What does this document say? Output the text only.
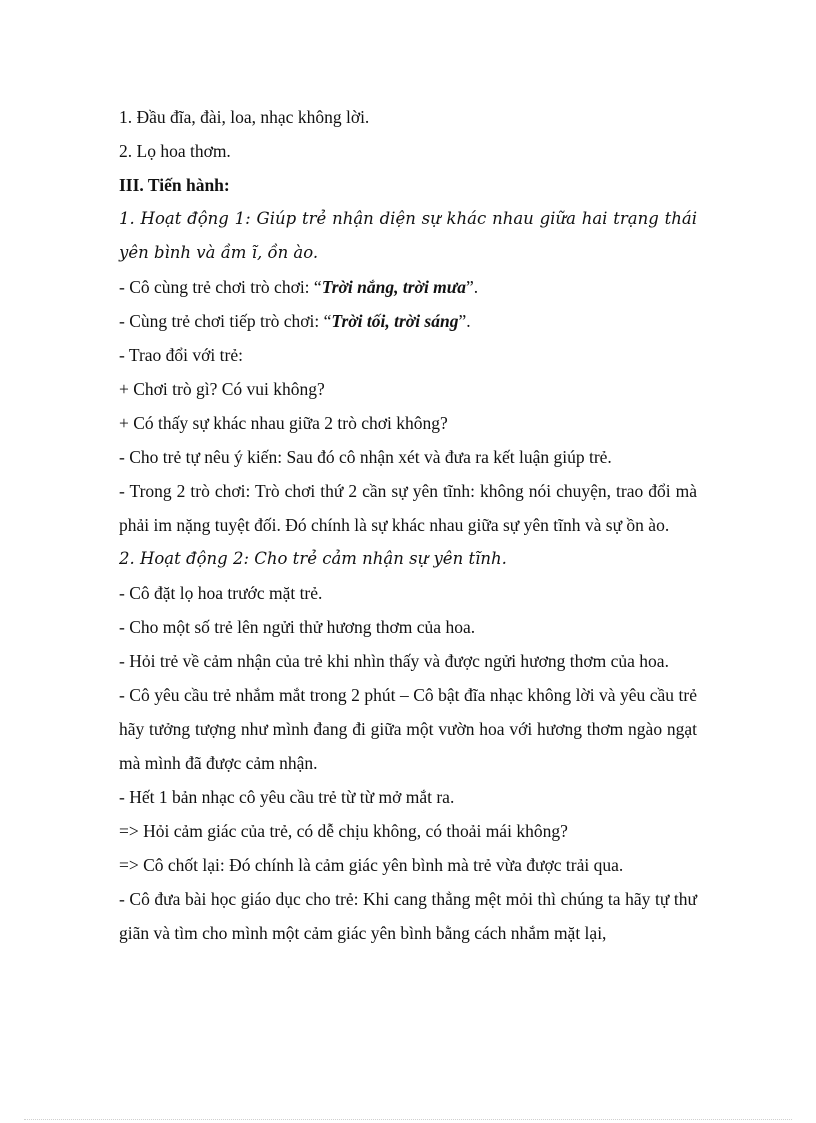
1. Đầu đĩa, đài, loa, nhạc không lời.
2. Lọ hoa thơm.
III. Tiến hành:
1. Hoạt động 1: Giúp trẻ nhận diện sự khác nhau giữa hai trạng thái yên bình và ầm ĩ, ồn ào.
- Cô cùng trẻ chơi trò chơi: “Trời nắng, trời mưa”.
- Cùng trẻ chơi tiếp trò chơi: “Trời tối, trời sáng”.
- Trao đổi với trẻ:
+ Chơi trò gì? Có vui không?
+ Có thấy sự khác nhau giữa 2 trò chơi không?
- Cho trẻ tự nêu ý kiến: Sau đó cô nhận xét và đưa ra kết luận giúp trẻ.
- Trong 2 trò chơi: Trò chơi thứ 2 cần sự yên tĩnh: không nói chuyện, trao đổi mà phải im nặng tuyệt đối. Đó chính là sự khác nhau giữa sự yên tĩnh và sự ồn ào.
2. Hoạt động 2: Cho trẻ cảm nhận sự yên tĩnh.
- Cô đặt lọ hoa trước mặt trẻ.
- Cho một số trẻ lên ngửi thử hương thơm của hoa.
- Hỏi trẻ về cảm nhận của trẻ khi nhìn thấy và được ngửi hương thơm của hoa.
- Cô yêu cầu trẻ nhắm mắt trong 2 phút – Cô bật đĩa nhạc không lời và yêu cầu trẻ hãy tưởng tượng như mình đang đi giữa một vườn hoa với hương thơm ngào ngạt mà mình đã được cảm nhận.
- Hết 1 bản nhạc cô yêu cầu trẻ từ từ mở mắt ra.
=> Hỏi cảm giác của trẻ, có dễ chịu không, có thoải mái không?
=> Cô chốt lại: Đó chính là cảm giác yên bình mà trẻ vừa được trải qua.
- Cô đưa bài học giáo dục cho trẻ: Khi cang thẳng mệt mỏi thì chúng ta hãy tự thư giãn và tìm cho mình một cảm giác yên bình bằng cách nhắm mặt lại,
